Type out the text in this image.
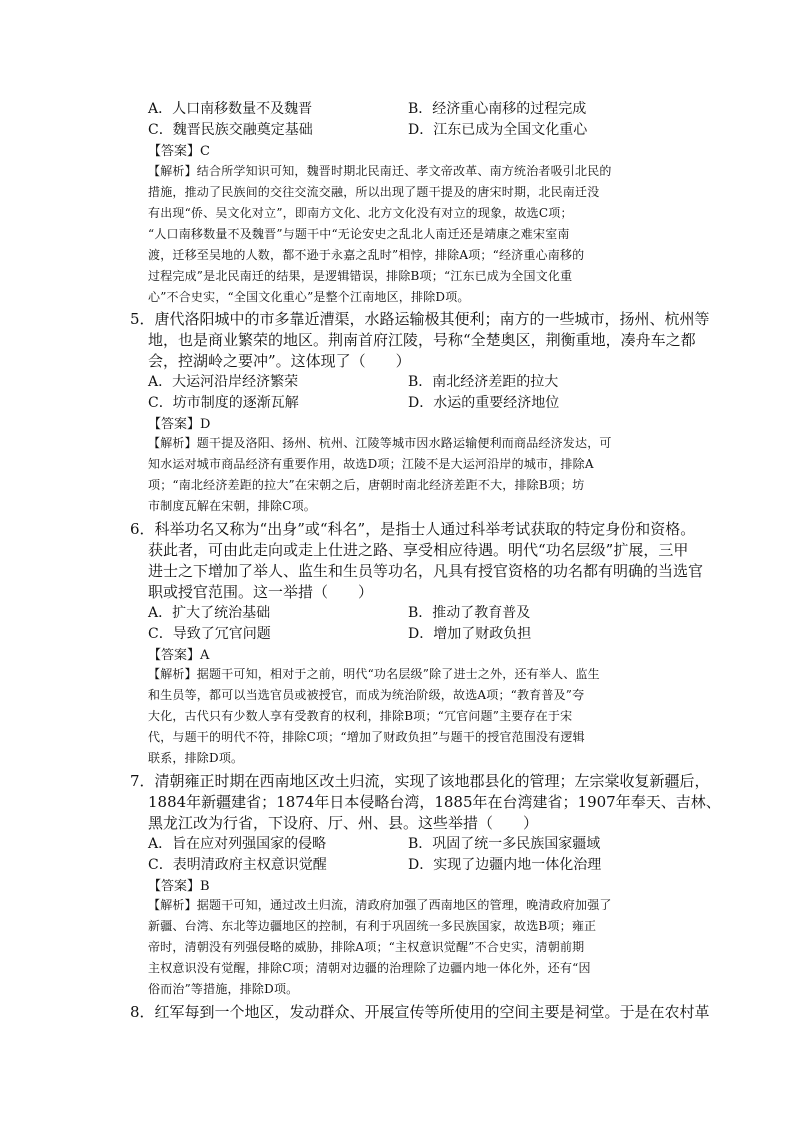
A．人口南移数量不及魏晋	B．经济重心南移的过程完成
C．魏晋民族交融奠定基础	D．江东已成为全国文化重心
【答案】C
【解析】结合所学知识可知，魏晋时期北民南迁、孝文帝改革、南方统治者吸引北民的
措施，推动了民族间的交往交流交融，所以出现了题干提及的唐宋时期，北民南迁没
有出现“侨、吴文化对立”，即南方文化、北方文化没有对立的现象，故选C项；
“人口南移数量不及魏晋”与题干中“无论安史之乱北人南迁还是靖康之难宋室南
渡，迁移至吴地的人数，都不逊于永嘉之乱时”相悖，排除A项；“经济重心南移的
过程完成”是北民南迁的结果，是逻辑错误，排除B项；“江东已成为全国文化重
心”不合史实，“全国文化重心”是整个江南地区，排除D项。
5．唐代洛阳城中的市多靠近漕渠，水路运输极其便利；南方的一些城市，扬州、杭州等
地，也是商业繁荣的地区。荆南首府江陵，号称“全楚奥区，荆衡重地，凑舟车之都
会，控湖岭之要冲”。这体现了（　　）
A．大运河沿岸经济繁荣	B．南北经济差距的拉大
C．坊市制度的逐渐瓦解	D．水运的重要经济地位
【答案】D
【解析】题干提及洛阳、扬州、杭州、江陵等城市因水路运输便利而商品经济发达，可
知水运对城市商品经济有重要作用，故选D项；江陵不是大运河沿岸的城市，排除A
项；“南北经济差距的拉大”在宋朝之后，唐朝时南北经济差距不大，排除B项；坊
市制度瓦解在宋朝，排除C项。
6．科举功名又称为“出身”或“科名”，是指士人通过科举考试获取的特定身份和资格。
获此者，可由此走向或走上仕进之路、享受相应待遇。明代“功名层级”扩展，三甲
进士之下增加了举人、监生和生员等功名，凡具有授官资格的功名都有明确的当选官
职或授官范围。这一举措（　　）
A．扩大了统治基础	B．推动了教育普及
C．导致了冗官问题	D．增加了财政负担
【答案】A
【解析】据题干可知，相对于之前，明代“功名层级”除了进士之外，还有举人、监生
和生员等，都可以当选官员或被授官，而成为统治阶级，故选A项；“教育普及”夸
大化，古代只有少数人享有受教育的权利，排除B项；“冗官问题”主要存在于宋
代，与题干的明代不符，排除C项；“增加了财政负担”与题干的授官范围没有逻辑
联系，排除D项。
7．清朝雍正时期在西南地区改土归流，实现了该地郡县化的管理；左宗棠收复新疆后，
1884年新疆建省；1874年日本侵略台湾，1885年在台湾建省；1907年奉天、吉林、
黑龙江改为行省，下设府、厅、州、县。这些举措（　　）
A．旨在应对列强国家的侵略	B．巩固了统一多民族国家疆域
C．表明清政府主权意识觉醒	D．实现了边疆内地一体化治理
【答案】B
【解析】据题干可知，通过改土归流，清政府加强了西南地区的管理，晚清政府加强了
新疆、台湾、东北等边疆地区的控制，有利于巩固统一多民族国家，故选B项；雍正
帝时，清朝没有列强侵略的威胁，排除A项；“主权意识觉醒”不合史实，清朝前期
主权意识没有觉醒，排除C项；清朝对边疆的治理除了边疆内地一体化外，还有“因
俗而治”等措施，排除D项。
8．红军每到一个地区，发动群众、开展宣传等所使用的空间主要是祠堂。于是在农村革
